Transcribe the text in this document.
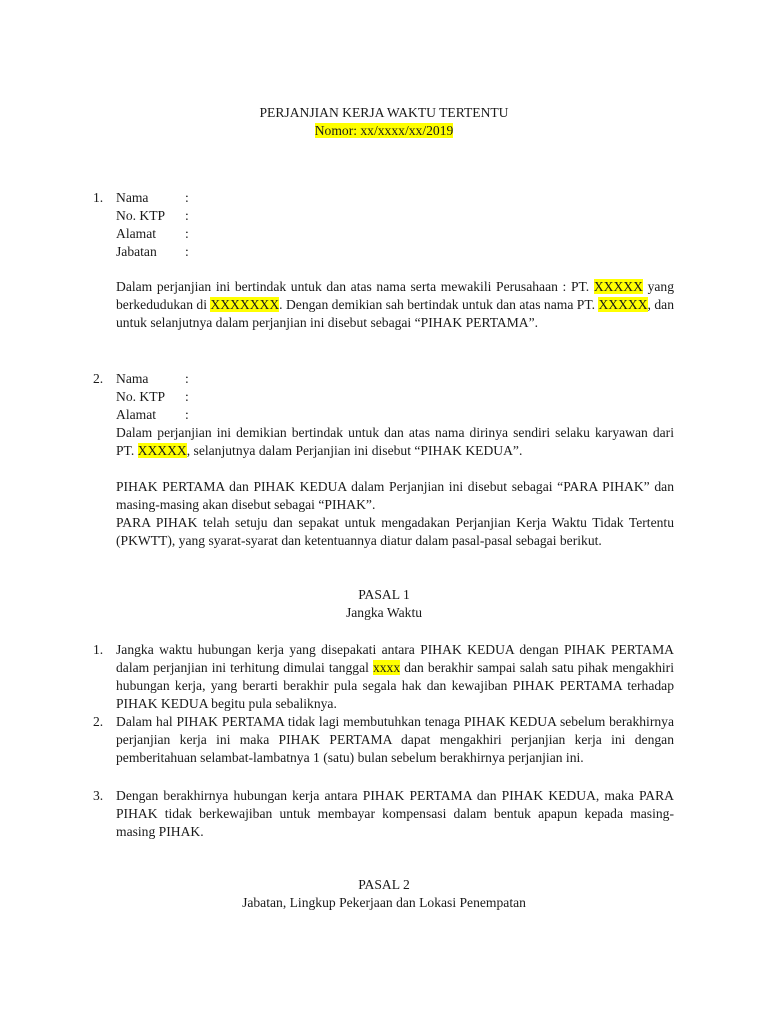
PERJANJIAN KERJA WAKTU TERTENTU
Nomor: xx/xxxx/xx/2019
1. Nama	:
No. KTP :
Alamat :
Jabatan :
Dalam perjanjian ini bertindak untuk dan atas nama serta mewakili Perusahaan : PT. XXXXX yang berkedudukan di XXXXXXX. Dengan demikian sah bertindak untuk dan atas nama PT. XXXXX, dan untuk selanjutnya dalam perjanjian ini disebut sebagai “PIHAK PERTAMA”.
2. Nama	:
No. KTP :
Alamat :
Dalam perjanjian ini demikian bertindak untuk dan atas nama dirinya sendiri selaku karyawan dari PT. XXXXX, selanjutnya dalam Perjanjian ini disebut “PIHAK KEDUA”.
PIHAK PERTAMA dan PIHAK KEDUA dalam Perjanjian ini disebut sebagai “PARA PIHAK” dan masing-masing akan disebut sebagai “PIHAK”.
PARA PIHAK telah setuju dan sepakat untuk mengadakan Perjanjian Kerja Waktu Tidak Tertentu (PKWTT), yang syarat-syarat dan ketentuannya diatur dalam pasal-pasal sebagai berikut.
PASAL 1
Jangka Waktu
1. Jangka waktu hubungan kerja yang disepakati antara PIHAK KEDUA dengan PIHAK PERTAMA dalam perjanjian ini terhitung dimulai tanggal xxxx dan berakhir sampai salah satu pihak mengakhiri hubungan kerja, yang berarti berakhir pula segala hak dan kewajiban PIHAK PERTAMA terhadap PIHAK KEDUA begitu pula sebaliknya.
2. Dalam hal PIHAK PERTAMA tidak lagi membutuhkan tenaga PIHAK KEDUA sebelum berakhirnya perjanjian kerja ini maka PIHAK PERTAMA dapat mengakhiri perjanjian kerja ini dengan pemberitahuan selambat-lambatnya 1 (satu) bulan sebelum berakhirnya perjanjian ini.
3. Dengan berakhirnya hubungan kerja antara PIHAK PERTAMA dan PIHAK KEDUA, maka PARA PIHAK tidak berkewajiban untuk membayar kompensasi dalam bentuk apapun kepada masing-masing PIHAK.
PASAL 2
Jabatan, Lingkup Pekerjaan dan Lokasi Penempatan
